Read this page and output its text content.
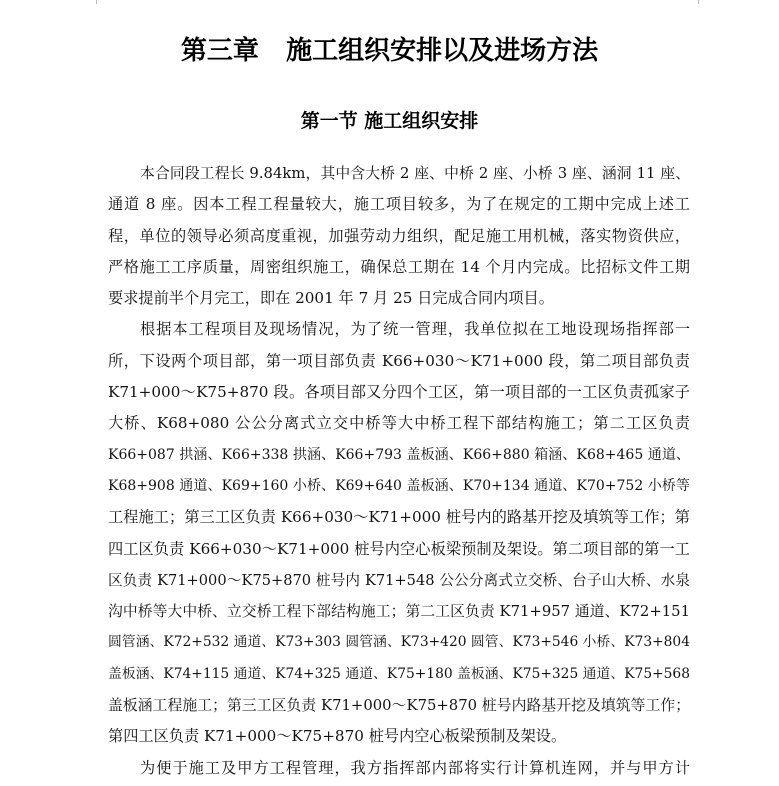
第三章   施工组织安排以及进场方法
第一节 施工组织安排
本合同段工程长 9.84km，其中含大桥 2 座、中桥 2 座、小桥 3 座、涵洞 11 座、
通道 8 座。因本工程工程量较大，施工项目较多，为了在规定的工期中完成上述工
程，单位的领导必须高度重视，加强劳动力组织，配足施工用机械，落实物资供应，
严格施工工序质量，周密组织施工，确保总工期在 14 个月内完成。比招标文件工期
要求提前半个月完工，即在 2001 年 7 月 25 日完成合同内项目。
根据本工程项目及现场情况，为了统一管理，我单位拟在工地设现场指挥部一
所，下设两个项目部，第一项目部负责 K66+030～K71+000 段，第二项目部负责
K71+000～K75+870 段。各项目部又分四个工区，第一项目部的一工区负责孤家子
大桥、K68+080 公公分离式立交中桥等大中桥工程下部结构施工；第二工区负责
K66+087 拱涵、K66+338 拱涵、K66+793 盖板涵、K66+880 箱涵、K68+465 通道、
K68+908 通道、K69+160 小桥、K69+640 盖板涵、K70+134 通道、K70+752 小桥等
工程施工；第三工区负责 K66+030～K71+000 桩号内的路基开挖及填筑等工作；第
四工区负责 K66+030～K71+000 桩号内空心板梁预制及架设。第二项目部的第一工
区负责 K71+000～K75+870 桩号内 K71+548 公公分离式立交桥、台子山大桥、水泉
沟中桥等大中桥、立交桥工程下部结构施工；第二工区负责 K71+957 通道、K72+151
圆管涵、K72+532 通道、K73+303 圆管涵、K73+420 圆管、K73+546 小桥、K73+804
盖板涵、K74+115 通道、K74+325 通道、K75+180 盖板涵、K75+325 通道、K75+568
盖板涵工程施工；第三工区负责 K71+000～K75+870 桩号内路基开挖及填筑等工作；
第四工区负责 K71+000～K75+870 桩号内空心板梁预制及架设。
为便于施工及甲方工程管理，我方指挥部内部将实行计算机连网，并与甲方计
